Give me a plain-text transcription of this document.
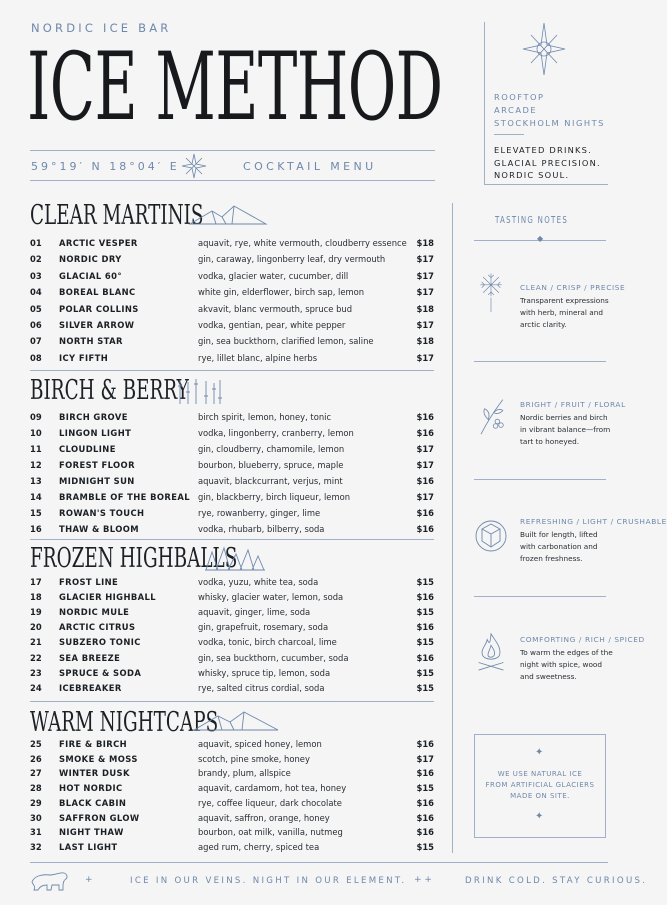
NORDIC ICE BAR
ICE METHOD
59°19′ N 18°04′ E	COCKTAIL MENU
ROOFTOP
ARCADE
STOCKHOLM NIGHTS
ELEVATED DRINKS.
GLACIAL PRECISION.
NORDIC SOUL.
CLEAR MARTINIS
01 ARCTIC VESPER	aquavit, rye, white vermouth, cloudberry essence $18
02 NORDIC DRY	gin, caraway, lingonberry leaf, dry vermouth	$17
03 GLACIAL 60°	vodka, glacier water, cucumber, dill	$17
04 BOREAL BLANC	white gin, elderflower, birch sap, lemon	$17
05 POLAR COLLINS	akvavit, blanc vermouth, spruce bud	$18
06 SILVER ARROW	vodka, gentian, pear, white pepper	$17
07 NORTH STAR	gin, sea buckthorn, clarified lemon, saline	$18
08 ICY FIFTH	rye, lillet blanc, alpine herbs	$17
BIRCH & BERRY
09 BIRCH GROVE	birch spirit, lemon, honey, tonic	$16
10 LINGON LIGHT	vodka, lingonberry, cranberry, lemon	$16
11 CLOUDLINE	gin, cloudberry, chamomile, lemon	$17
12 FOREST FLOOR	bourbon, blueberry, spruce, maple	$17
13 MIDNIGHT SUN	aquavit, blackcurrant, verjus, mint	$16
14 BRAMBLE OF THE BOREAL gin, blackberry, birch liqueur, lemon	$17
15 ROWAN'S TOUCH	rye, rowanberry, ginger, lime	$16
16 THAW & BLOOM	vodka, rhubarb, bilberry, soda	$16
FROZEN HIGHBALLS
17 FROST LINE	vodka, yuzu, white tea, soda	$15
18 GLACIER HIGHBALL	whisky, glacier water, lemon, soda	$16
19 NORDIC MULE	aquavit, ginger, lime, soda	$15
20 ARCTIC CITRUS	gin, grapefruit, rosemary, soda	$16
21 SUBZERO TONIC	vodka, tonic, birch charcoal, lime	$15
22 SEA BREEZE	gin, sea buckthorn, cucumber, soda	$16
23 SPRUCE & SODA	whisky, spruce tip, lemon, soda	$15
24 ICEBREAKER	rye, salted citrus cordial, soda	$15
WARM NIGHTCAPS
25 FIRE & BIRCH	aquavit, spiced honey, lemon	$16
26 SMOKE & MOSS	scotch, pine smoke, honey	$17
27 WINTER DUSK	brandy, plum, allspice	$16
28 HOT NORDIC	aquavit, cardamom, hot tea, honey	$15
29 BLACK CABIN	rye, coffee liqueur, dark chocolate	$16
30 SAFFRON GLOW	aquavit, saffron, orange, honey	$16
31 NIGHT THAW	bourbon, oat milk, vanilla, nutmeg	$16
32 LAST LIGHT	aged rum, cherry, spiced tea	$15
TASTING NOTES
◆
CLEAN / CRISP / PRECISE
Transparent expressions with herb, mineral and arctic clarity.
BRIGHT / FRUIT / FLORAL
Nordic berries and birch in vibrant balance—from tart to honeyed.
REFRESHING / LIGHT / CRUSHABLE
Built for length, lifted with carbonation and frozen freshness.
COMFORTING / RICH / SPICED
To warm the edges of the night with spice, wood and sweetness.
✦
WE USE NATURAL ICE
FROM ARTIFICIAL GLACIERS
MADE ON SITE.
✦
+	ICE IN OUR VEINS. NIGHT IN OUR ELEMENT. + +	DRINK COLD. STAY CURIOUS.
